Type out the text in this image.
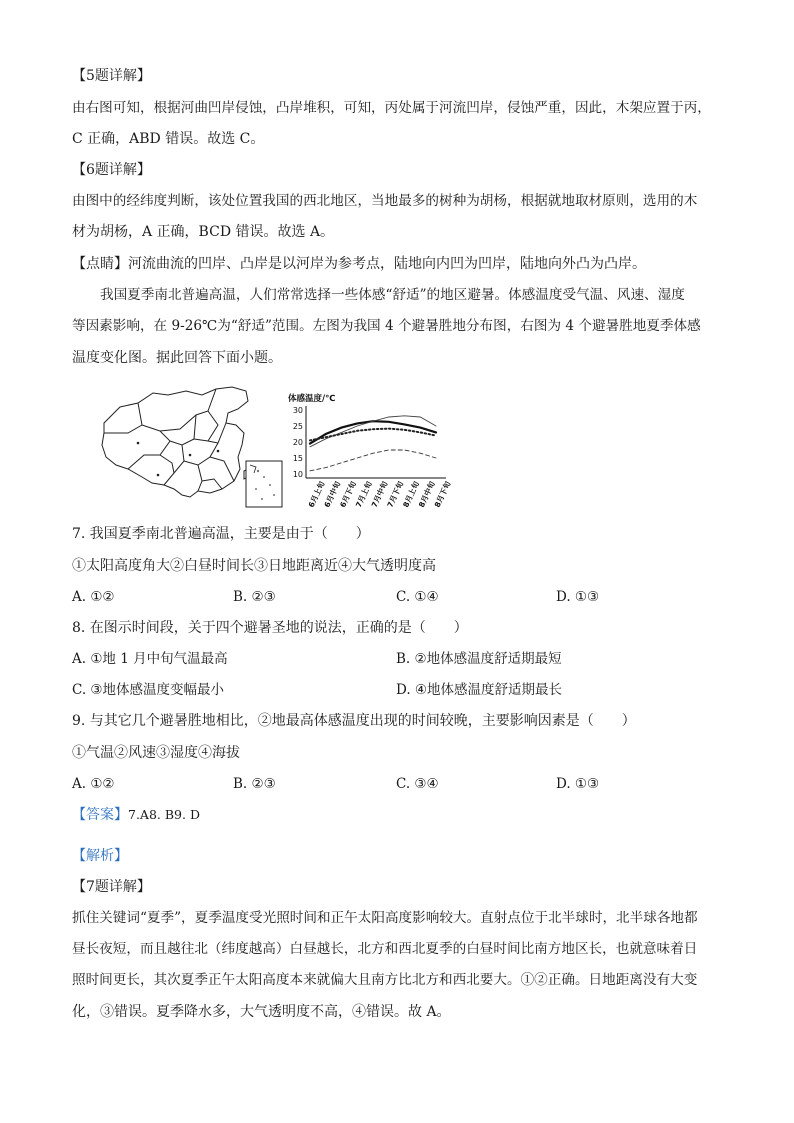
【5题详解】
由右图可知，根据河曲凹岸侵蚀，凸岸堆积，可知，丙处属于河流凹岸，侵蚀严重，因此，木架应置于丙，
C 正确，ABD 错误。故选 C。
【6题详解】
由图中的经纬度判断，该处位置我国的西北地区，当地最多的树种为胡杨，根据就地取材原则，选用的木
材为胡杨，A 正确，BCD 错误。故选 A。
【点睛】河流曲流的凹岸、凸岸是以河岸为参考点，陆地向内凹为凹岸，陆地向外凸为凸岸。
我国夏季南北普遍高温，人们常常选择一些体感“舒适”的地区避暑。体感温度受气温、风速、湿度
等因素影响，在 9-26℃为“舒适”范围。左图为我国 4 个避暑胜地分布图，右图为 4 个避暑胜地夏季体感
温度变化图。据此回答下面小题。
体感温度/℃
30
25
20
15
10
6月上旬
6月中旬
6月下旬
7月上旬
7月中旬
7月下旬
8月上旬
8月中旬
8月下旬
7. 我国夏季南北普遍高温，主要是由于（　　）
①太阳高度角大②白昼时间长③日地距离近④大气透明度高
A. ①②	B. ②③	C. ①④	D. ①③
8. 在图示时间段，关于四个避暑圣地的说法，正确的是（　　）
A. ①地 1 月中旬气温最高	B. ②地体感温度舒适期最短
C. ③地体感温度变幅最小	D. ④地体感温度舒适期最长
9. 与其它几个避暑胜地相比，②地最高体感温度出现的时间较晚，主要影响因素是（　　）
①气温②风速③湿度④海拔
A. ①②	B. ②③	C. ③④	D. ①③
【答案】7.A8. B9. D
【解析】
【7题详解】
抓住关键词“夏季”，夏季温度受光照时间和正午太阳高度影响较大。直射点位于北半球时，北半球各地都
昼长夜短，而且越往北（纬度越高）白昼越长，北方和西北夏季的白昼时间比南方地区长，也就意味着日
照时间更长，其次夏季正午太阳高度本来就偏大且南方比北方和西北要大。①②正确。日地距离没有大变
化，③错误。夏季降水多，大气透明度不高，④错误。故 A。
